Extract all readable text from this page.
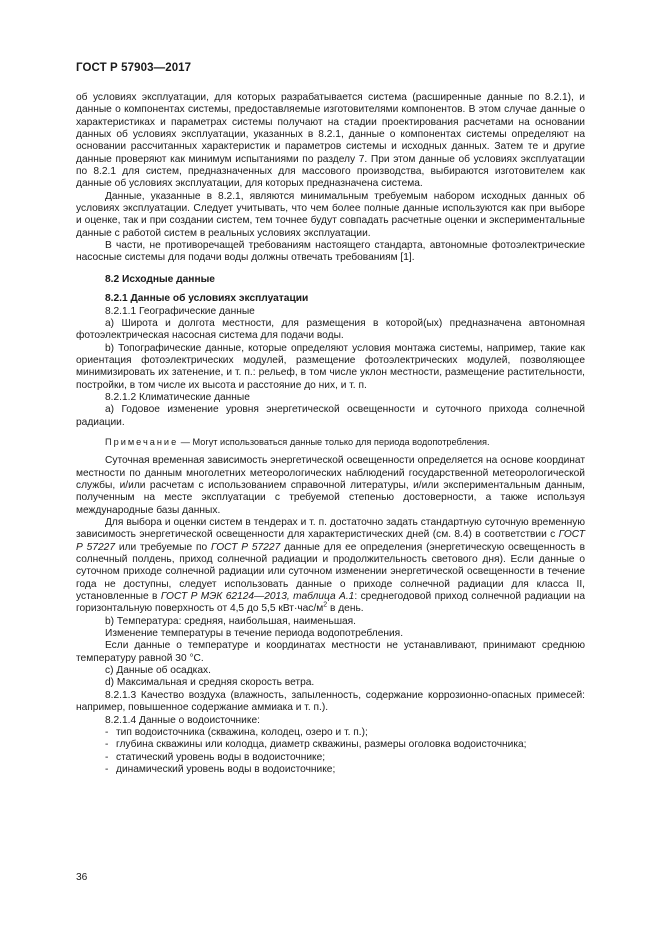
ГОСТ Р 57903—2017

об условиях эксплуатации, для которых разрабатывается система (расширенные данные по 8.2.1), и данные о компонентах системы, предоставляемые изготовителями компонентов. В этом случае данные о характеристиках и параметрах системы получают на стадии проектирования расчетами на основании данных об условиях эксплуатации, указанных в 8.2.1, данные о компонентах системы определяют на основании рассчитанных характеристик и параметров системы и исходных данных. Затем те и другие данные проверяют как минимум испытаниями по разделу 7. При этом данные об условиях эксплуатации по 8.2.1 для систем, предназначенных для массового производства, выбираются изготовителем как данные об условиях эксплуатации, для которых предназначена система.

Данные, указанные в 8.2.1, являются минимальным требуемым набором исходных данных об условиях эксплуатации. Следует учитывать, что чем более полные данные используются как при выборе и оценке, так и при создании систем, тем точнее будут совпадать расчетные оценки и экспериментальные данные с работой систем в реальных условиях эксплуатации.

В части, не противоречащей требованиям настоящего стандарта, автономные фотоэлектрические насосные системы для подачи воды должны отвечать требованиям [1].

8.2 Исходные данные

8.2.1 Данные об условиях эксплуатации

8.2.1.1 Географические данные

a) Широта и долгота местности, для размещения в которой(ых) предназначена автономная фотоэлектрическая насосная система для подачи воды.

b) Топографические данные, которые определяют условия монтажа системы, например, такие как ориентация фотоэлектрических модулей, размещение фотоэлектрических модулей, позволяющее минимизировать их затенение, и т. п.: рельеф, в том числе уклон местности, размещение растительности, постройки, в том числе их высота и расстояние до них, и т. п.

8.2.1.2 Климатические данные

a) Годовое изменение уровня энергетической освещенности и суточного прихода солнечной радиации.

Примечание — Могут использоваться данные только для периода водопотребления.

Суточная временная зависимость энергетической освещенности определяется на основе координат местности по данным многолетних метеорологических наблюдений государственной метеорологической службы, и/или расчетам с использованием справочной литературы, и/или экспериментальным данным, полученным на месте эксплуатации с требуемой степенью достоверности, а также используя международные базы данных.

Для выбора и оценки систем в тендерах и т. п. достаточно задать стандартную суточную временную зависимость энергетической освещенности для характеристических дней (см. 8.4) в соответствии с ГОСТ Р 57227 или требуемые по ГОСТ Р 57227 данные для ее определения (энергетическую освещенность в солнечный полдень, приход солнечной радиации и продолжительность светового дня). Если данные о суточном приходе солнечной радиации или суточном изменении энергетической освещенности в течение года не доступны, следует использовать данные о приходе солнечной радиации для класса II, установленные в ГОСТ Р МЭК 62124—2013, таблица А.1: среднегодовой приход солнечной радиации на горизонтальную поверхность от 4,5 до 5,5 $кВт\cdot час/м^2$ в день.

b) Температура: средняя, наибольшая, наименьшая.

Изменение температуры в течение периода водопотребления.

Если данные о температуре и координатах местности не устанавливают, принимают среднюю температуру равной 30 °С.

c) Данные об осадках.

d) Максимальная и средняя скорость ветра.

8.2.1.3 Качество воздуха (влажность, запыленность, содержание коррозионно-опасных примесей: например, повышенное содержание аммиака и т. п.).

8.2.1.4 Данные о водоисточнике:

- тип водоисточника (скважина, колодец, озеро и т. п.);

- глубина скважины или колодца, диаметр скважины, размеры оголовка водоисточника;

- статический уровень воды в водоисточнике;

- динамический уровень воды в водоисточнике;

36
